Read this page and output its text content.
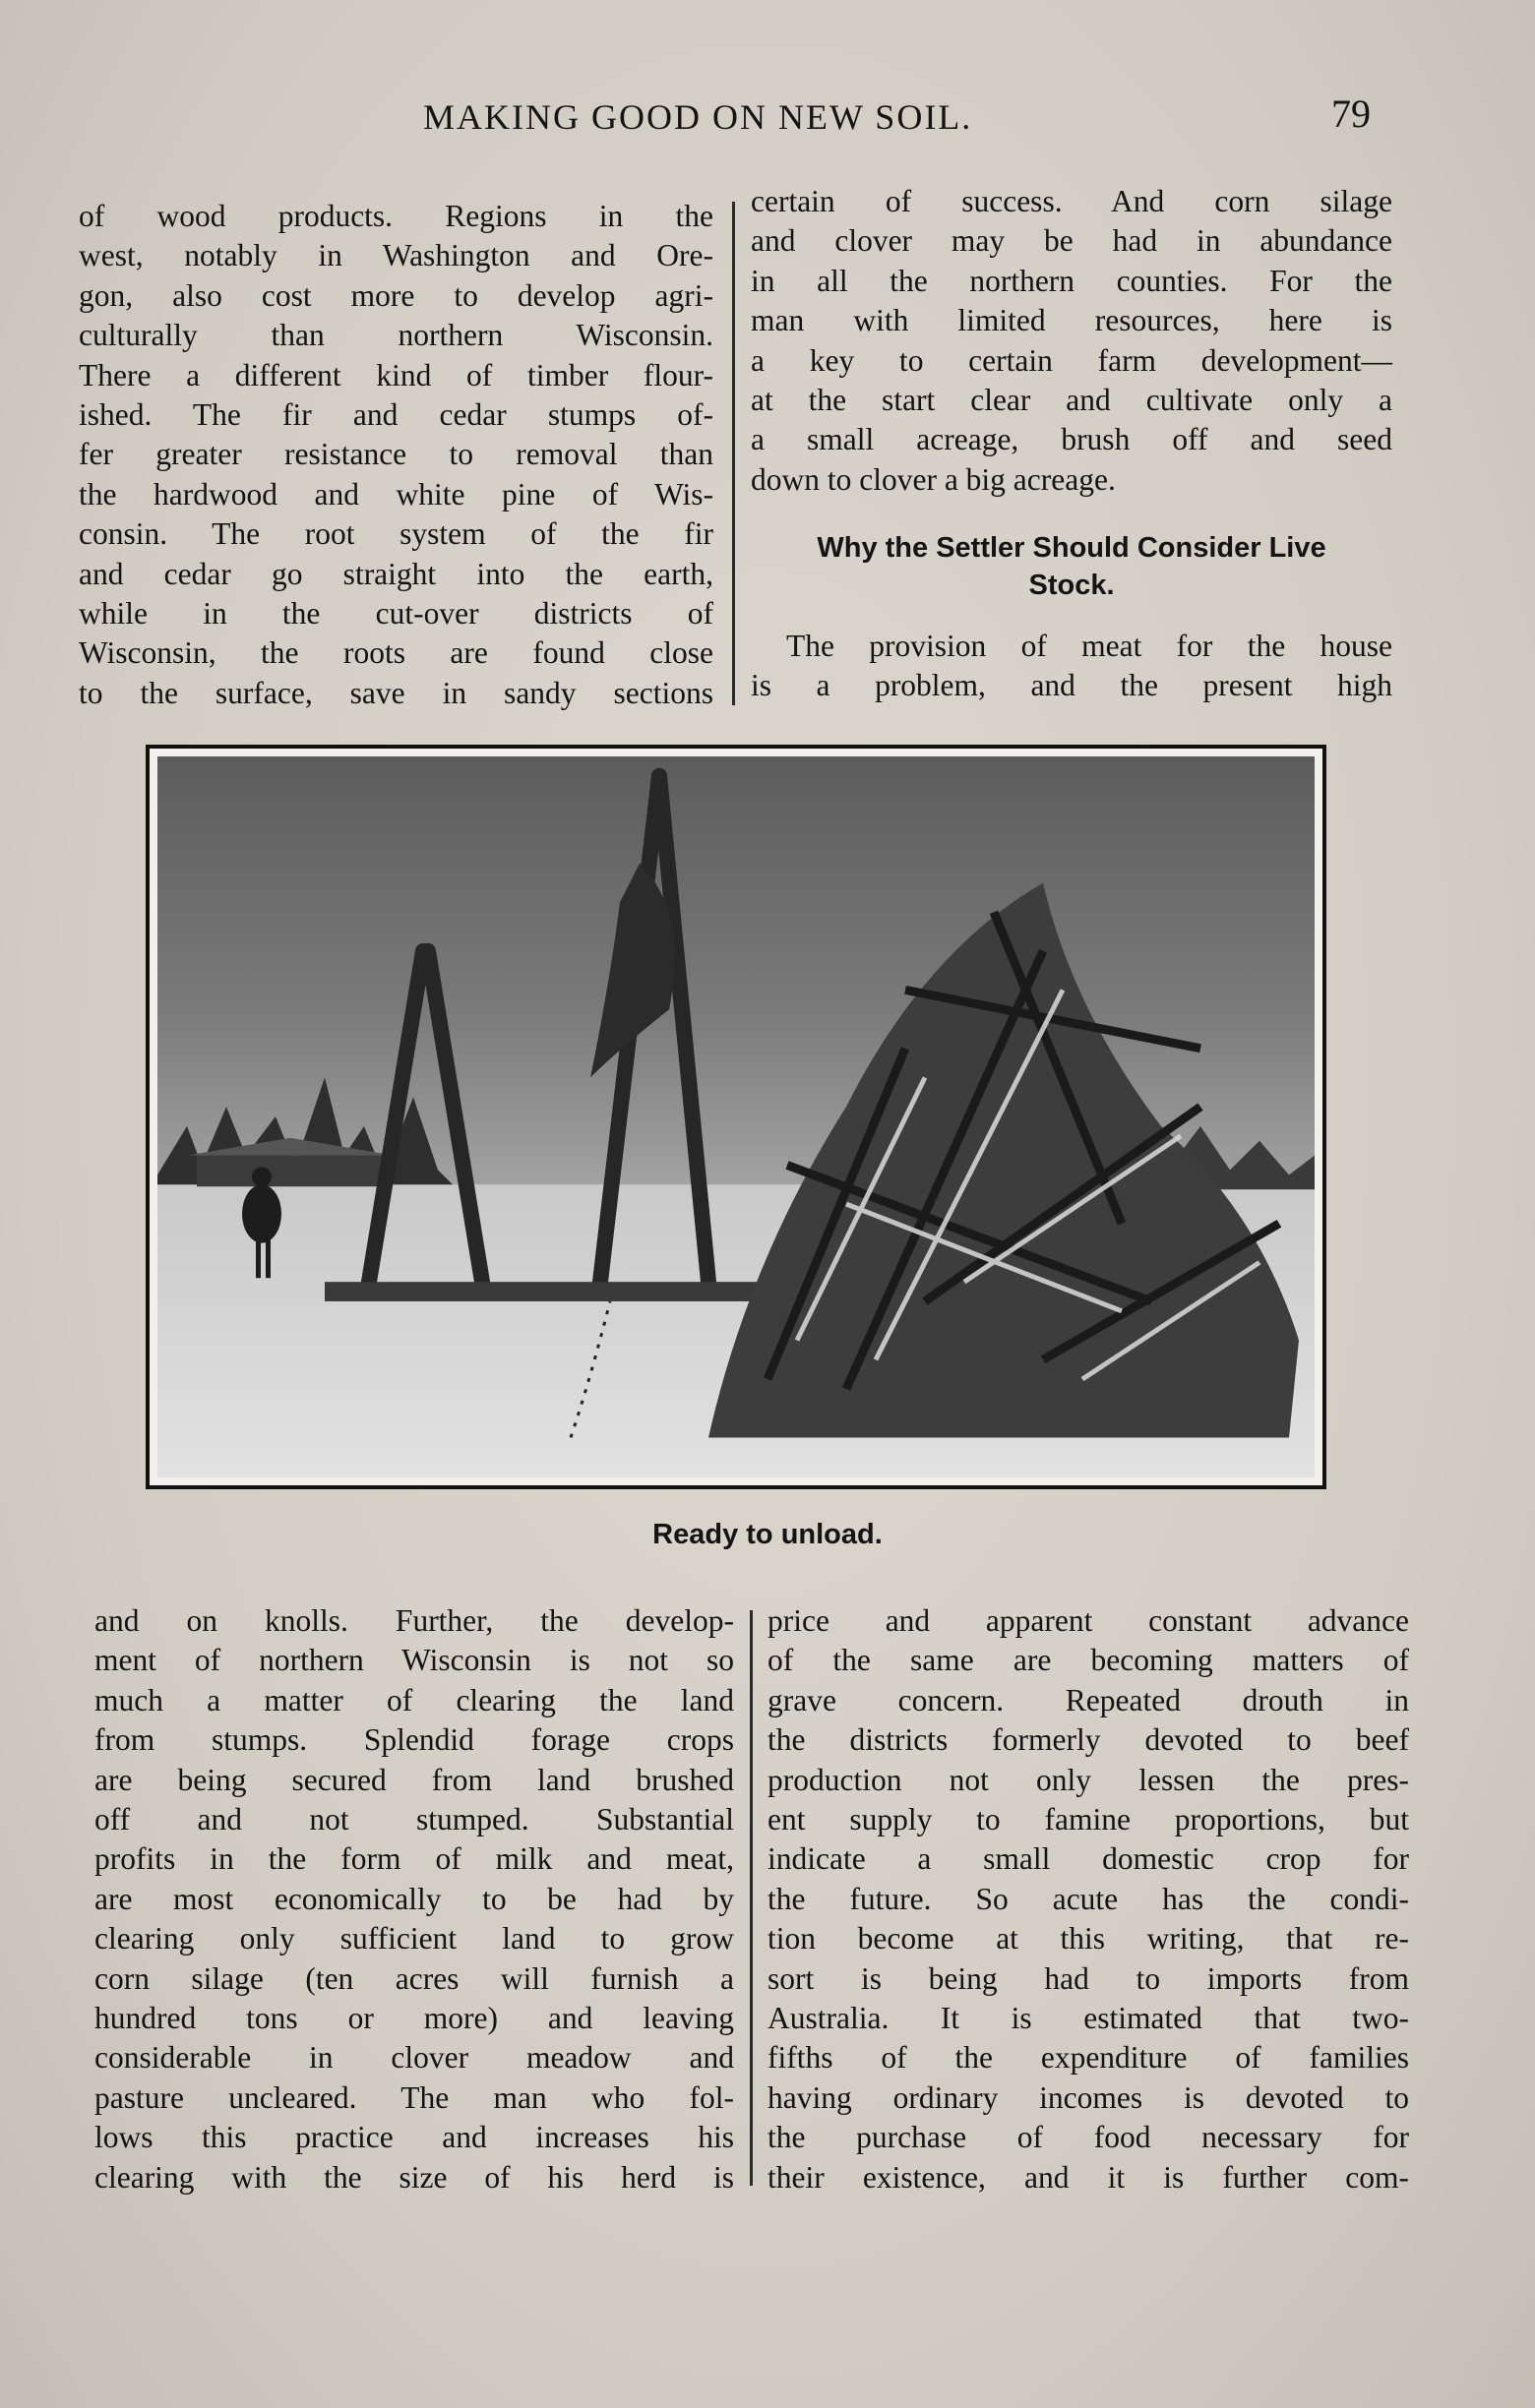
MAKING GOOD ON NEW SOIL.	79
of wood products. Regions in the
west, notably in Washington and Ore-
gon, also cost more to develop agri-
culturally than northern Wisconsin.
There a different kind of timber flour-
ished. The fir and cedar stumps of-
fer greater resistance to removal than
the hardwood and white pine of Wis-
consin. The root system of the fir
and cedar go straight into the earth,
while in the cut-over districts of
Wisconsin, the roots are found close
to the surface, save in sandy sections
certain of success. And corn silage
and clover may be had in abundance
in all the northern counties. For the
man with limited resources, here is
a key to certain farm development—
at the start clear and cultivate only a
a small acreage, brush off and seed
down to clover a big acreage.
Why the Settler Should Consider Live
Stock.
The provision of meat for the house
is a problem, and the present high
Ready to unload.
and on knolls. Further, the develop-
ment of northern Wisconsin is not so
much a matter of clearing the land
from stumps. Splendid forage crops
are being secured from land brushed
off and not stumped. Substantial
profits in the form of milk and meat,
are most economically to be had by
clearing only sufficient land to grow
corn silage (ten acres will furnish a
hundred tons or more) and leaving
considerable in clover meadow and
pasture uncleared. The man who fol-
lows this practice and increases his
clearing with the size of his herd is
price and apparent constant advance
of the same are becoming matters of
grave concern. Repeated drouth in
the districts formerly devoted to beef
production not only lessen the pres-
ent supply to famine proportions, but
indicate a small domestic crop for
the future. So acute has the condi-
tion become at this writing, that re-
sort is being had to imports from
Australia. It is estimated that two-
fifths of the expenditure of families
having ordinary incomes is devoted to
the purchase of food necessary for
their existence, and it is further com-
